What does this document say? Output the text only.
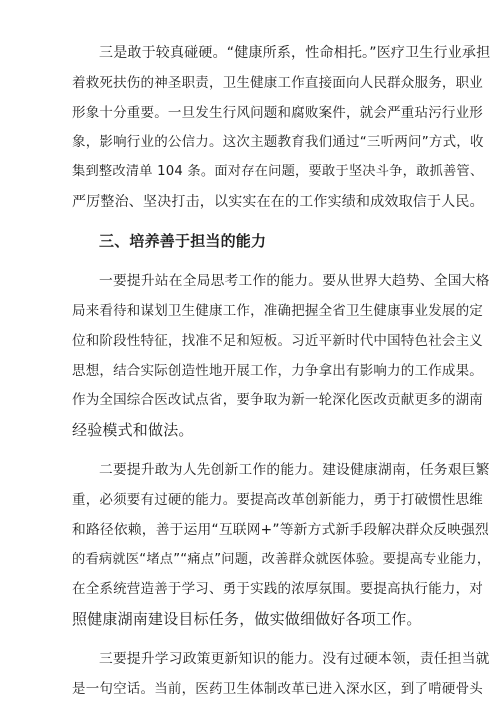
三是敢于较真碰硬。“健康所系，性命相托。”医疗卫生行业承担
着救死扶伤的神圣职责，卫生健康工作直接面向人民群众服务，职业
形象十分重要。一旦发生行风问题和腐败案件，就会严重玷污行业形
象，影响行业的公信力。这次主题教育我们通过“三听两问”方式，收
集到整改清单 104 条。面对存在问题，要敢于坚决斗争，敢抓善管、
严厉整治、坚决打击，以实实在在的工作实绩和成效取信于人民。
三、培养善于担当的能力
一要提升站在全局思考工作的能力。要从世界大趋势、全国大格
局来看待和谋划卫生健康工作，准确把握全省卫生健康事业发展的定
位和阶段性特征，找准不足和短板。习近平新时代中国特色社会主义
思想，结合实际创造性地开展工作，力争拿出有影响力的工作成果。
作为全国综合医改试点省，要争取为新一轮深化医改贡献更多的湖南
经验模式和做法。
二要提升敢为人先创新工作的能力。建设健康湖南，任务艰巨繁
重，必须要有过硬的能力。要提高改革创新能力，勇于打破惯性思维
和路径依赖，善于运用“互联网+”等新方式新手段解决群众反映强烈
的看病就医“堵点”“痛点”问题，改善群众就医体验。要提高专业能力，
在全系统营造善于学习、勇于实践的浓厚氛围。要提高执行能力，对
照健康湖南建设目标任务，做实做细做好各项工作。
三要提升学习政策更新知识的能力。没有过硬本领，责任担当就
是一句空话。当前，医药卫生体制改革已进入深水区，到了啃硬骨头
